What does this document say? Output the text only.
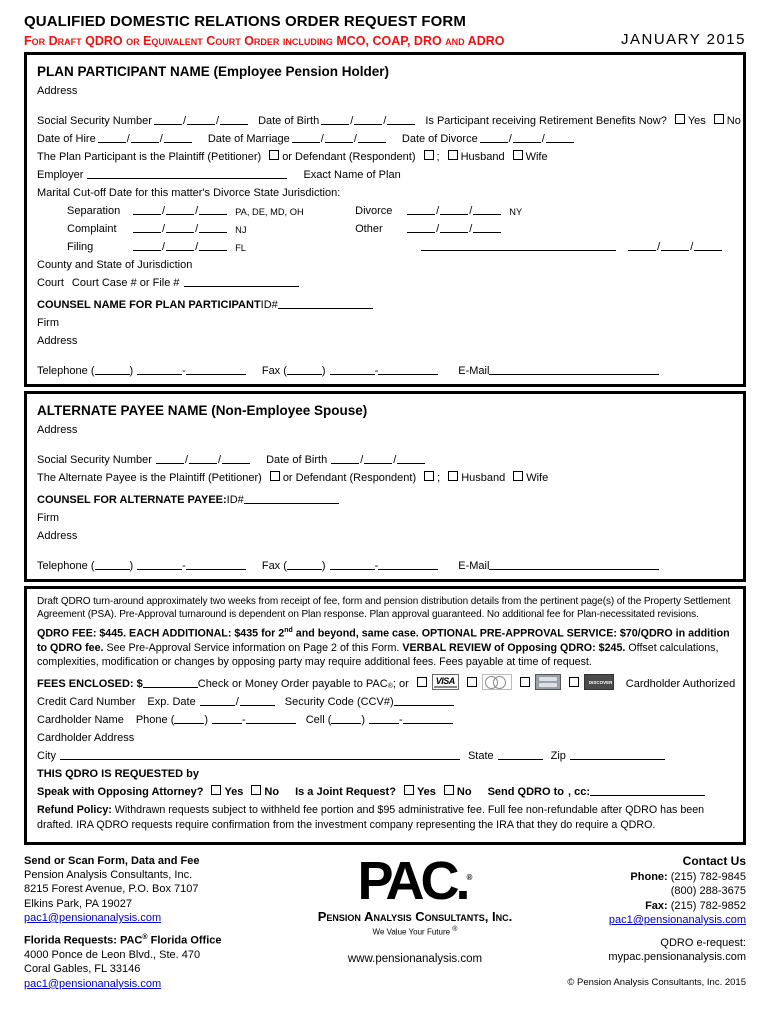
QUALIFIED DOMESTIC RELATIONS ORDER REQUEST FORM
For Draft QDRO or Equivalent Court Order including MCO, COAP, DRO and ADRO	JANUARY 2015
PLAN PARTICIPANT NAME (Employee Pension Holder)
Address
Social Security Number	/	/	Date of Birth	/	/	Is Participant receiving Retirement Benefits Now? Yes No
Date of Hire	/	/	Date of Marriage	/	/	Date of Divorce	/	/
The Plan Participant is the Plaintiff (Petitioner) or Defendant (Respondent) ; Husband Wife
Employer	Exact Name of Plan
Marital Cut-off Date for this matter's Divorce State Jurisdiction:
Separation	/	/	PA, DE, MD, OH	Divorce	/	/	NY
Complaint	/	/	NJ	Other	/	/
Filing	/	/	FL	/	/
County and State of Jurisdiction
Court Court Case # or File #
COUNSEL NAME FOR PLAN PARTICIPANT ID#
Firm
Address
Telephone (	)	-	Fax (	)	-	E-Mail
ALTERNATE PAYEE NAME (Non-Employee Spouse)
Address
Social Security Number	/	/	Date of Birth	/	/
The Alternate Payee is the Plaintiff (Petitioner) or Defendant (Respondent) ; Husband Wife
COUNSEL FOR ALTERNATE PAYEE: ID#
Firm
Address
Telephone (	)	-	Fax (	)	-	E-Mail
Draft QDRO turn-around approximately two weeks from receipt of fee, form and pension distribution details from the pertinent page(s) of the Property Settlement Agreement (PSA). Pre-Approval turnaround is dependent on Plan response. Plan approval guaranteed. No additional fee for Plan-necessitated revisions.
QDRO FEE: $445. EACH ADDITIONAL: $435 for 2nd and beyond, same case. OPTIONAL PRE-APPROVAL SERVICE: $70/QDRO in addition to QDRO fee. See Pre-Approval Service information on Page 2 of this Form. VERBAL REVIEW of Opposing QDRO: $245. Offset calculations, complexities, modification or changes by opposing party may require additional fees. Fees payable at time of request.
FEES ENCLOSED: $	Check or Money Order payable to $PAC_®$ ; or	VISA	DISCOVER Cardholder Authorized
Credit Card Number Exp. Date	/	Security Code (CCV#)
Cardholder Name Phone (	)	-	Cell (	)	-
Cardholder Address
City	State	Zip
THIS QDRO IS REQUESTED by
Speak with Opposing Attorney? Yes No Is a Joint Request? Yes No Send QDRO to , cc:
Refund Policy: Withdrawn requests subject to withheld fee portion and $95 administrative fee. Full fee non-refundable after QDRO has been drafted. IRA QDRO requests require confirmation from the investment company representing the IRA that they do require a QDRO.
Send or Scan Form, Data and Fee
Pension Analysis Consultants, Inc.
8215 Forest Avenue, P.O. Box 7107
Elkins Park, PA 19027
pac1@pensionanalysis.com
Florida Requests: PAC® Florida Office
4000 Ponce de Leon Blvd., Ste. 470
Coral Gables, FL 33146
pac1@pensionanalysis.com
PAC.®
Pension Analysis Consultants, Inc.
We Value Your Future ®
www.pensionanalysis.com
Contact Us
Phone: (215) 782-9845
(800) 288-3675
Fax: (215) 782-9852
pac1@pensionanalysis.com
QDRO e-request:
mypac.pensionanalysis.com
© Pension Analysis Consultants, Inc. 2015
